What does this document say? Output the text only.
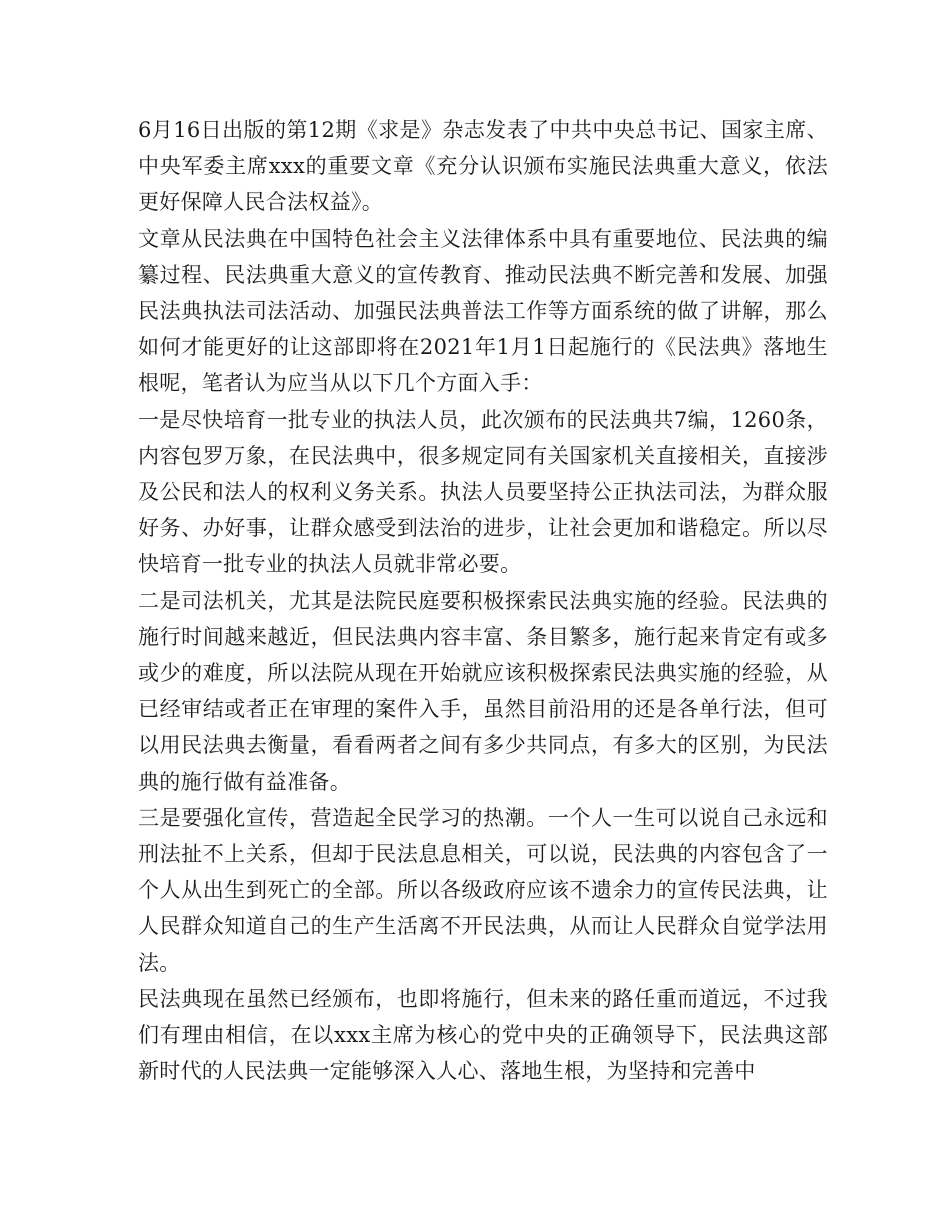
6月16日出版的第12期《求是》杂志发表了中共中央总书记、国家主席、中央军委主席xxx的重要文章《充分认识颁布实施民法典重大意义，依法更好保障人民合法权益》。

文章从民法典在中国特色社会主义法律体系中具有重要地位、民法典的编纂过程、民法典重大意义的宣传教育、推动民法典不断完善和发展、加强民法典执法司法活动、加强民法典普法工作等方面系统的做了讲解，那么如何才能更好的让这部即将在2021年1月1日起施行的《民法典》落地生根呢，笔者认为应当从以下几个方面入手：

一是尽快培育一批专业的执法人员，此次颁布的民法典共7编，1260条，内容包罗万象，在民法典中，很多规定同有关国家机关直接相关，直接涉及公民和法人的权利义务关系。执法人员要坚持公正执法司法，为群众服好务、办好事，让群众感受到法治的进步，让社会更加和谐稳定。所以尽快培育一批专业的执法人员就非常必要。

二是司法机关，尤其是法院民庭要积极探索民法典实施的经验。民法典的施行时间越来越近，但民法典内容丰富、条目繁多，施行起来肯定有或多或少的难度，所以法院从现在开始就应该积极探索民法典实施的经验，从已经审结或者正在审理的案件入手，虽然目前沿用的还是各单行法，但可以用民法典去衡量，看看两者之间有多少共同点，有多大的区别，为民法典的施行做有益准备。

三是要强化宣传，营造起全民学习的热潮。一个人一生可以说自己永远和刑法扯不上关系，但却于民法息息相关，可以说，民法典的内容包含了一个人从出生到死亡的全部。所以各级政府应该不遗余力的宣传民法典，让人民群众知道自己的生产生活离不开民法典，从而让人民群众自觉学法用法。

民法典现在虽然已经颁布，也即将施行，但未来的路任重而道远，不过我们有理由相信，在以xxx主席为核心的党中央的正确领导下，民法典这部新时代的人民法典一定能够深入人心、落地生根，为坚持和完善中
